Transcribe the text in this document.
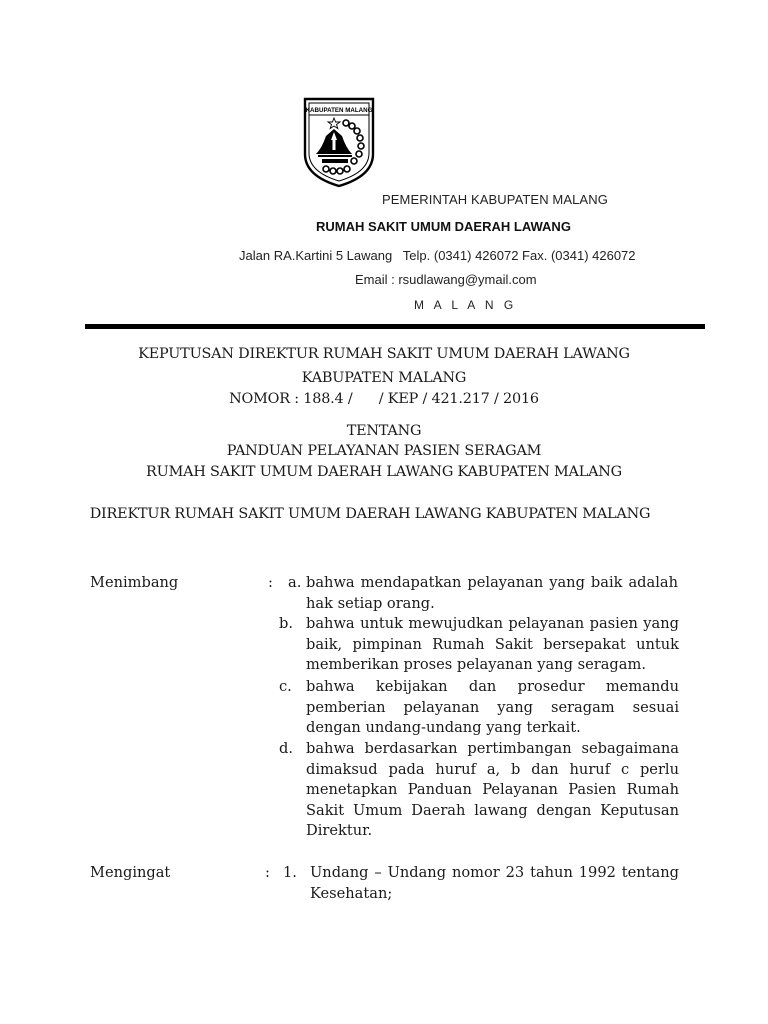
KABUPATEN MALANG
PEMERINTAH KABUPATEN MALANG
RUMAH SAKIT UMUM DAERAH LAWANG
Jalan RA.Kartini 5 Lawang   Telp. (0341) 426072 Fax. (0341) 426072
Email : rsudlawang@ymail.com
M A L A N G
KEPUTUSAN DIREKTUR RUMAH SAKIT UMUM DAERAH LAWANG
KABUPATEN MALANG
NOMOR : 188.4 /      / KEP / 421.217 / 2016
TENTANG
PANDUAN PELAYANAN PASIEN SERAGAM
RUMAH SAKIT UMUM DAERAH LAWANG KABUPATEN MALANG
DIREKTUR RUMAH SAKIT UMUM DAERAH LAWANG KABUPATEN MALANG
Menimbang	: a. bahwa mendapatkan pelayanan yang baik adalah hak setiap orang.
b. bahwa untuk mewujudkan pelayanan pasien yang baik, pimpinan Rumah Sakit bersepakat untuk memberikan proses pelayanan yang seragam.
c. bahwa kebijakan dan prosedur memandu pemberian pelayanan yang seragam sesuai dengan undang-undang yang terkait.
d. bahwa berdasarkan pertimbangan sebagaimana dimaksud pada huruf a, b dan huruf c perlu menetapkan Panduan Pelayanan Pasien Rumah Sakit Umum Daerah lawang dengan Keputusan Direktur.
Mengingat	: 1. Undang – Undang nomor 23 tahun 1992 tentang Kesehatan;
